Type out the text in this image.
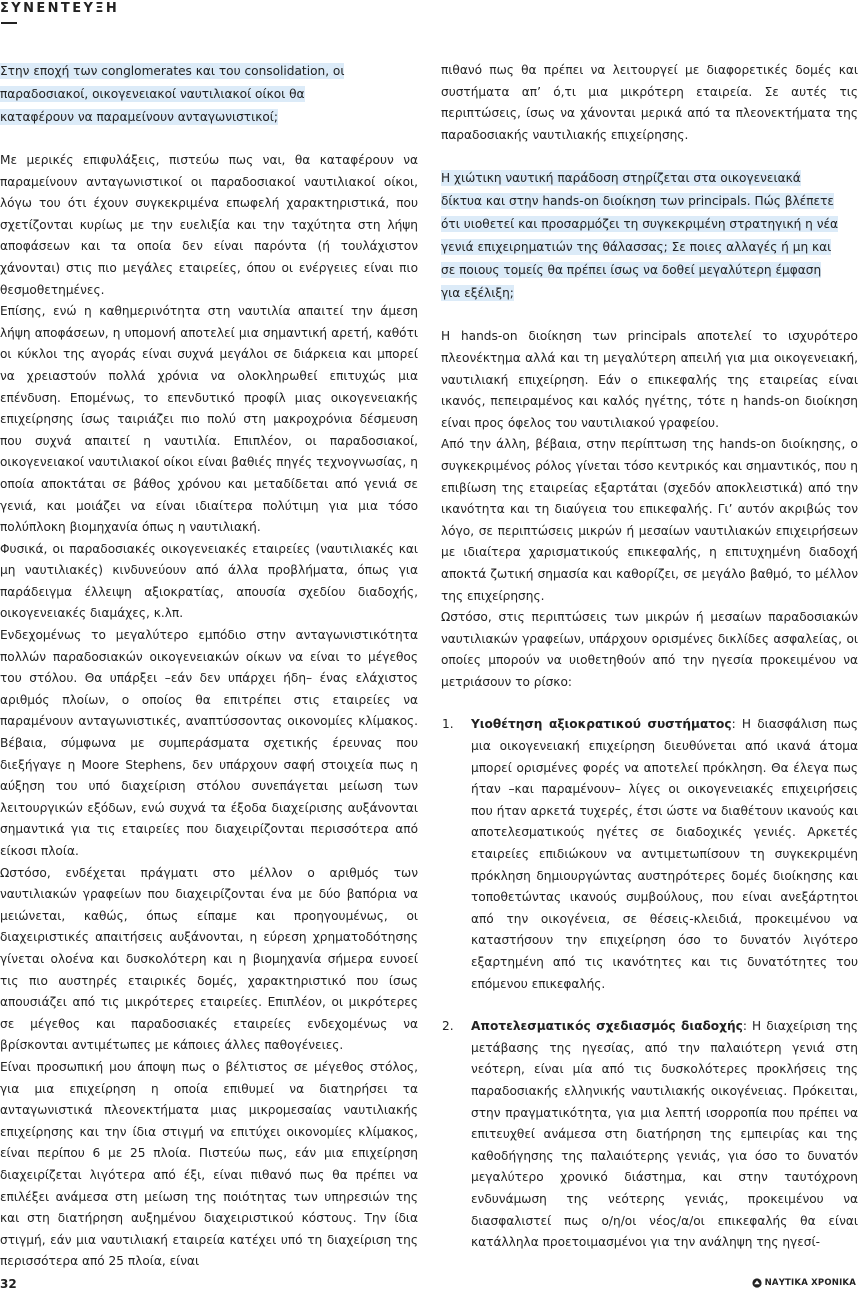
ΣΥΝΕΝΤΕΥΞΗ

Στην εποχή των conglomerates και του consolidation, οι παραδοσιακοί, οικογενειακοί ναυτιλιακοί οίκοι θα καταφέρουν να παραμείνουν ανταγωνιστικοί;

Με μερικές επιφυλάξεις, πιστεύω πως ναι, θα καταφέρουν να παραμείνουν ανταγωνιστικοί οι παραδοσιακοί ναυτιλιακοί οίκοι, λόγω του ότι έχουν συγκεκριμένα επωφελή χαρακτηριστικά, που σχετίζονται κυρίως με την ευελιξία και την ταχύτητα στη λήψη αποφάσεων και τα οποία δεν είναι παρόντα (ή τουλάχιστον χάνονται) στις πιο μεγάλες εταιρείες, όπου οι ενέργειες είναι πιο θεσμοθετημένες.

Επίσης, ενώ η καθημερινότητα στη ναυτιλία απαιτεί την άμεση λήψη αποφάσεων, η υπομονή αποτελεί μια σημαντική αρετή, καθότι οι κύκλοι της αγοράς είναι συχνά μεγάλοι σε διάρκεια και μπορεί να χρειαστούν πολλά χρόνια να ολοκληρωθεί επιτυχώς μια επένδυση. Επομένως, το επενδυτικό προφίλ μιας οικογενειακής επιχείρησης ίσως ταιριάζει πιο πολύ στη μακροχρόνια δέσμευση που συχνά απαιτεί η ναυτιλία. Επιπλέον, οι παραδοσιακοί, οικογενειακοί ναυτιλιακοί οίκοι είναι βαθιές πηγές τεχνογνωσίας, η οποία αποκτάται σε βάθος χρόνου και μεταδίδεται από γενιά σε γενιά, και μοιάζει να είναι ιδιαίτερα πολύτιμη για μια τόσο πολύπλοκη βιομηχανία όπως η ναυτιλιακή.

Φυσικά, οι παραδοσιακές οικογενειακές εταιρείες (ναυτιλιακές και μη ναυτιλιακές) κινδυνεύουν από άλλα προβλήματα, όπως για παράδειγμα έλλειψη αξιοκρατίας, απουσία σχεδίου διαδοχής, οικογενειακές διαμάχες, κ.λπ.

Ενδεχομένως το μεγαλύτερο εμπόδιο στην ανταγωνιστικότητα πολλών παραδοσιακών οικογενειακών οίκων να είναι το μέγεθος του στόλου. Θα υπάρξει –εάν δεν υπάρχει ήδη– ένας ελάχιστος αριθμός πλοίων, ο οποίος θα επιτρέπει στις εταιρείες να παραμένουν ανταγωνιστικές, αναπτύσσοντας οικονομίες κλίμακος. Βέβαια, σύμφωνα με συμπεράσματα σχετικής έρευνας που διεξήγαγε η Moore Stephens, δεν υπάρχουν σαφή στοιχεία πως η αύξηση του υπό διαχείριση στόλου συνεπάγεται μείωση των λειτουργικών εξόδων, ενώ συχνά τα έξοδα διαχείρισης αυξάνονται σημαντικά για τις εταιρείες που διαχειρίζονται περισσότερα από είκοσι πλοία.

Ωστόσο, ενδέχεται πράγματι στο μέλλον ο αριθμός των ναυτιλιακών γραφείων που διαχειρίζονται ένα με δύο βαπόρια να μειώνεται, καθώς, όπως είπαμε και προηγουμένως, οι διαχειριστικές απαιτήσεις αυξάνονται, η εύρεση χρηματοδότησης γίνεται ολοένα και δυσκολότερη και η βιομηχανία σήμερα ευνοεί τις πιο αυστηρές εταιρικές δομές, χαρακτηριστικό που ίσως απουσιάζει από τις μικρότερες εταιρείες. Επιπλέον, οι μικρότερες σε μέγεθος και παραδοσιακές εταιρείες ενδεχομένως να βρίσκονται αντιμέτωπες με κάποιες άλλες παθογένειες.

Είναι προσωπική μου άποψη πως ο βέλτιστος σε μέγεθος στόλος, για μια επιχείρηση η οποία επιθυμεί να διατηρήσει τα ανταγωνιστικά πλεονεκτήματα μιας μικρομεσαίας ναυτιλιακής επιχείρησης και την ίδια στιγμή να επιτύχει οικονομίες κλίμακος, είναι περίπου 6 με 25 πλοία. Πιστεύω πως, εάν μια επιχείρηση διαχειρίζεται λιγότερα από έξι, είναι πιθανό πως θα πρέπει να επιλέξει ανάμεσα στη μείωση της ποιότητας των υπηρεσιών της και στη διατήρηση αυξημένου διαχειριστικού κόστους. Την ίδια στιγμή, εάν μια ναυτιλιακή εταιρεία κατέχει υπό τη διαχείριση της περισσότερα από 25 πλοία, είναι

πιθανό πως θα πρέπει να λειτουργεί με διαφορετικές δομές και συστήματα απ’ ό,τι μια μικρότερη εταιρεία. Σε αυτές τις περιπτώσεις, ίσως να χάνονται μερικά από τα πλεονεκτήματα της παραδοσιακής ναυτιλιακής επιχείρησης.

Η χιώτικη ναυτική παράδοση στηρίζεται στα οικογενειακά δίκτυα και στην hands-on διοίκηση των principals. Πώς βλέπετε ότι υιοθετεί και προσαρμόζει τη συγκεκριμένη στρατηγική η νέα γενιά επιχειρηματιών της θάλασσας; Σε ποιες αλλαγές ή μη και σε ποιους τομείς θα πρέπει ίσως να δοθεί μεγαλύτερη έμφαση για εξέλιξη;

Η hands-on διοίκηση των principals αποτελεί το ισχυρότερο πλεονέκτημα αλλά και τη μεγαλύτερη απειλή για μια οικογενειακή, ναυτιλιακή επιχείρηση. Εάν ο επικεφαλής της εταιρείας είναι ικανός, πεπειραμένος και καλός ηγέτης, τότε η hands-on διοίκηση είναι προς όφελος του ναυτιλιακού γραφείου.

Από την άλλη, βέβαια, στην περίπτωση της hands-on διοίκησης, ο συγκεκριμένος ρόλος γίνεται τόσο κεντρικός και σημαντικός, που η επιβίωση της εταιρείας εξαρτάται (σχεδόν αποκλειστικά) από την ικανότητα και τη διαύγεια του επικεφαλής. Γι’ αυτόν ακριβώς τον λόγο, σε περιπτώσεις μικρών ή μεσαίων ναυτιλιακών επιχειρήσεων με ιδιαίτερα χαρισματικούς επικεφαλής, η επιτυχημένη διαδοχή αποκτά ζωτική σημασία και καθορίζει, σε μεγάλο βαθμό, το μέλλον της επιχείρησης.

Ωστόσο, στις περιπτώσεις των μικρών ή μεσαίων παραδοσιακών ναυτιλιακών γραφείων, υπάρχουν ορισμένες δικλίδες ασφαλείας, οι οποίες μπορούν να υιοθετηθούν από την ηγεσία προκειμένου να μετριάσουν το ρίσκο:

1. Υιοθέτηση αξιοκρατικού συστήματος: Η διασφάλιση πως μια οικογενειακή επιχείρηση διευθύνεται από ικανά άτομα μπορεί ορισμένες φορές να αποτελεί πρόκληση. Θα έλεγα πως ήταν –και παραμένουν– λίγες οι οικογενειακές επιχειρήσεις που ήταν αρκετά τυχερές, έτσι ώστε να διαθέτουν ικανούς και αποτελεσματικούς ηγέτες σε διαδοχικές γενιές. Αρκετές εταιρείες επιδιώκουν να αντιμετωπίσουν τη συγκεκριμένη πρόκληση δημιουργώντας αυστηρότερες δομές διοίκησης και τοποθετώντας ικανούς συμβούλους, που είναι ανεξάρτητοι από την οικογένεια, σε θέσεις-κλειδιά, προκειμένου να καταστήσουν την επιχείρηση όσο το δυνατόν λιγότερο εξαρτημένη από τις ικανότητες και τις δυνατότητες του επόμενου επικεφαλής.
2. Αποτελεσματικός σχεδιασμός διαδοχής: Η διαχείριση της μετάβασης της ηγεσίας, από την παλαιότερη γενιά στη νεότερη, είναι μία από τις δυσκολότερες προκλήσεις της παραδοσιακής ελληνικής ναυτιλιακής οικογένειας. Πρόκειται, στην πραγματικότητα, για μια λεπτή ισορροπία που πρέπει να επιτευχθεί ανάμεσα στη διατήρηση της εμπειρίας και της καθοδήγησης της παλαιότερης γενιάς, για όσο το δυνατόν μεγαλύτερο χρονικό διάστημα, και στην ταυτόχρονη ενδυνάμωση της νεότερης γενιάς, προκειμένου να διασφαλιστεί πως ο/η/οι νέος/α/οι επικεφαλής θα είναι κατάλληλα προετοιμασμένοι για την ανάληψη της ηγεσί-
32	ΝΑΥΤΙΚΑ ΧΡΟΝΙΚΑ
